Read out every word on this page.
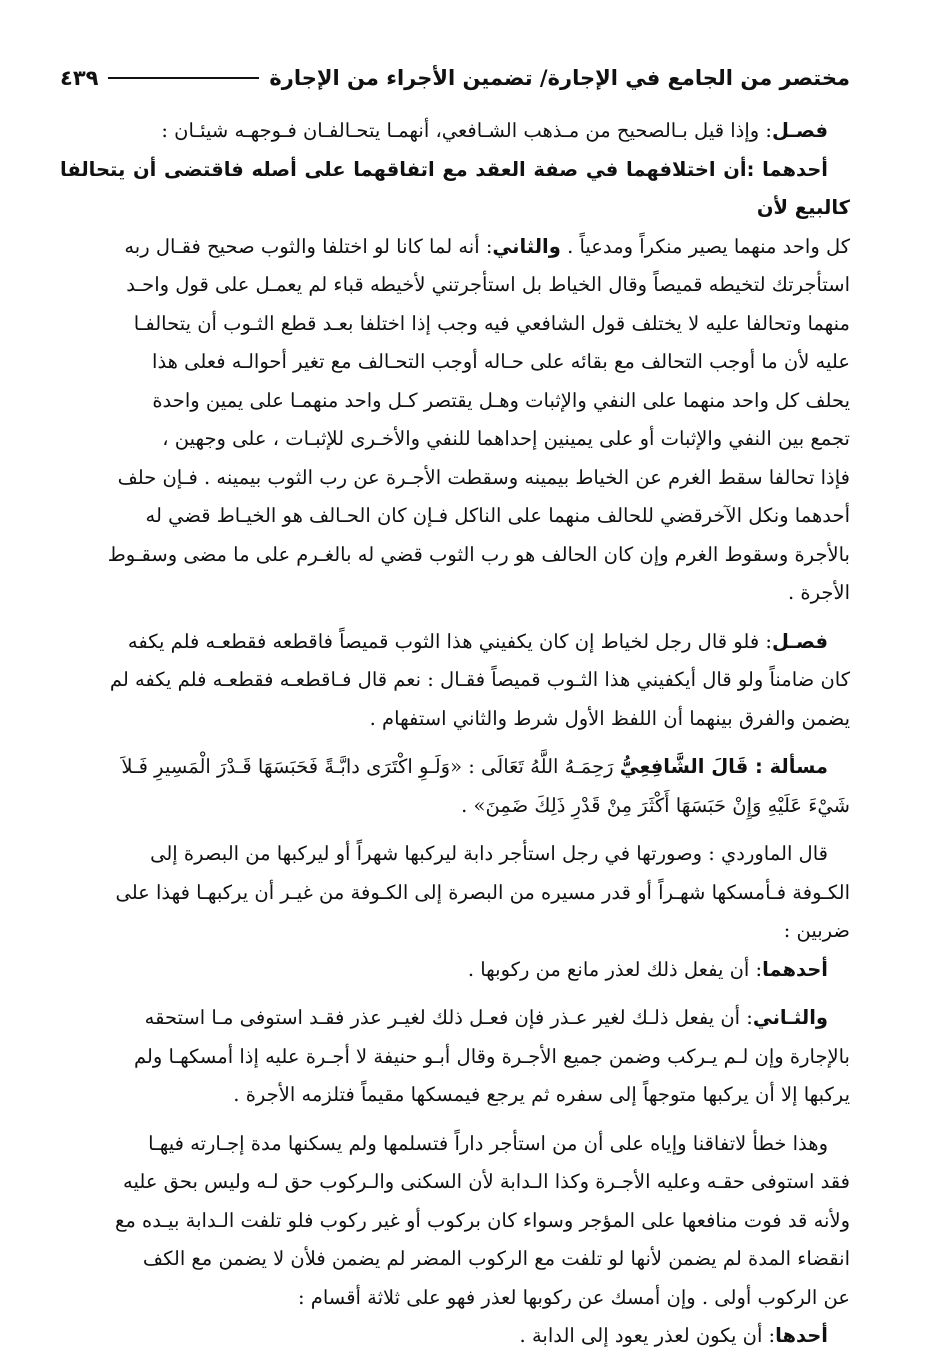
مختصر من الجامع في الإجارة/ تضمين الأجراء من الإجارة
٤٣٩

فصـل: وإذا قيل بـالصحيح من مـذهب الشـافعي، أنهمـا يتحـالفـان فـوجهـه شيئـان :

أحدهما :أن اختلافهما في صفة العقد مع اتفاقهما على أصله فاقتضى أن يتحالفا كالبيع لأن

كل واحد منهما يصير منكراً ومدعياً . والثاني: أنه لما كانا لو اختلفا والثوب صحيح فقـال ربه

استأجرتك لتخيطه قميصاً وقال الخياط بل استأجرتني لأخيطه قباء لم يعمـل على قول واحـد

منهما وتحالفا عليه لا يختلف قول الشافعي فيه وجب إذا اختلفا بعـد قطع الثـوب أن يتحالفـا

عليه لأن ما أوجب التحالف مع بقائه على حـاله أوجب التحـالف مع تغير أحوالـه فعلى هذا

يحلف كل واحد منهما على النفي والإثبات وهـل يقتصر كـل واحد منهمـا على يمين واحدة

تجمع بين النفي والإثبات أو على يمينين إحداهما للنفي والأخـرى للإثبـات ، على وجهين ،

فإذا تحالفا سقط الغرم عن الخياط بيمينه وسقطت الأجـرة عن رب الثوب بيمينه . فـإن حلف

أحدهما ونكل الآخرقضي للحالف منهما على الناكل فـإن كان الحـالف هو الخيـاط قضي له

بالأجرة وسقوط الغرم وإن كان الحالف هو رب الثوب قضي له بالغـرم على ما مضى وسقـوط

الأجرة .

فصـل: فلو قال رجل لخياط إن كان يكفيني هذا الثوب قميصاً فاقطعه فقطعـه فلم يكفه

كان ضامناً ولو قال أيكفيني هذا الثـوب قميصاً فقـال : نعم قال فـاقطعـه فقطعـه فلم يكفه لم

يضمن والفرق بينهما أن اللفظ الأول شرط والثاني استفهام .

مسألة : قَالَ الشَّافِعِيُّ رَحِمَـهُ اللَّهُ تَعَالَى : «وَلَـوِ اكْتَرَى دابَّـةً فَحَبَسَهَا قَـدْرَ الْمَسِيرِ فَـلاَ

شَيْءَ عَلَيْهِ وَإِنْ حَبَسَهَا أَكْثَرَ مِنْ قَدْرِ ذَلِكَ ضَمِنَ» .

قال الماوردي : وصورتها في رجل استأجر دابة ليركبها شهراً أو ليركبها من البصرة إلى

الكـوفة فـأمسكها شهـراً أو قدر مسيره من البصرة إلى الكـوفة من غيـر أن يركبهـا فهذا على

ضربين :

أحدهما: أن يفعل ذلك لعذر مانع من ركوبها .

والثـاني: أن يفعل ذلـك لغير عـذر فإن فعـل ذلك لغيـر عذر فقـد استوفى مـا استحقه

بالإجارة وإن لـم يـركب وضمن جميع الأجـرة وقال أبـو حنيفة لا أجـرة عليه إذا أمسكهـا ولم

يركبها إلا أن يركبها متوجهاً إلى سفره ثم يرجع فيمسكها مقيماً فتلزمه الأجرة .

وهذا خطأ لاتفاقنا وإياه على أن من استأجر داراً فتسلمها ولم يسكنها مدة إجـارته فيهـا

فقد استوفى حقـه وعليه الأجـرة وكذا الـدابة لأن السكنى والـركوب حق لـه وليس بحق عليه

ولأنه قد فوت منافعها على المؤجر وسواء كان بركوب أو غير ركوب فلو تلفت الـدابة بيـده مع

انقضاء المدة لم يضمن لأنها لو تلفت مع الركوب المضر لم يضمن فلأن لا يضمن مع الكف

عن الركوب أولى . وإن أمسك عن ركوبها لعذر فهو على ثلاثة أقسام :

أحدها: أن يكون لعذر يعود إلى الدابة .
